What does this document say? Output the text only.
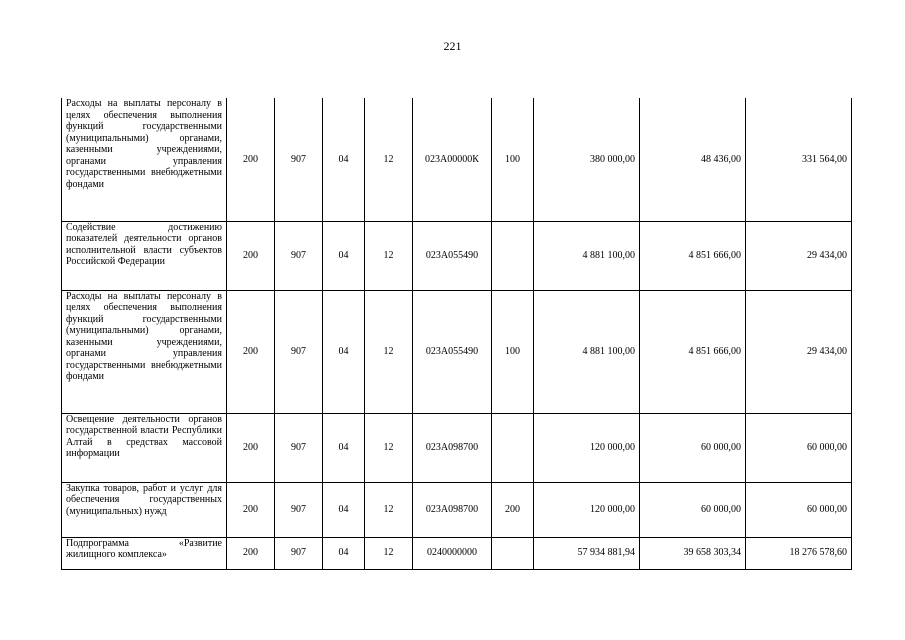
221
Расходы на выплаты персоналу в целях обеспечения выполнения функций государственными (муниципальными) органами, казенными учреждениями, органами управления государственными внебюджетными фондами	200	907	04	12	023А00000К	100	380 000,00	48 436,00	331 564,00
Содействие достижению показателей деятельности органов исполнительной власти субъектов Российской Федерации	200	907	04	12	023А055490		4 881 100,00	4 851 666,00	29 434,00
Расходы на выплаты персоналу в целях обеспечения выполнения функций государственными (муниципальными) органами, казенными учреждениями, органами управления государственными внебюджетными фондами	200	907	04	12	023А055490	100	4 881 100,00	4 851 666,00	29 434,00
Освещение деятельности органов государственной власти Республики Алтай в средствах массовой информации	200	907	04	12	023А098700		120 000,00	60 000,00	60 000,00
Закупка товаров, работ и услуг для обеспечения государственных (муниципальных) нужд	200	907	04	12	023А098700	200	120 000,00	60 000,00	60 000,00
Подпрограмма «Развитие жилищного комплекса»	200	907	04	12	0240000000		57 934 881,94	39 658 303,34	18 276 578,60
